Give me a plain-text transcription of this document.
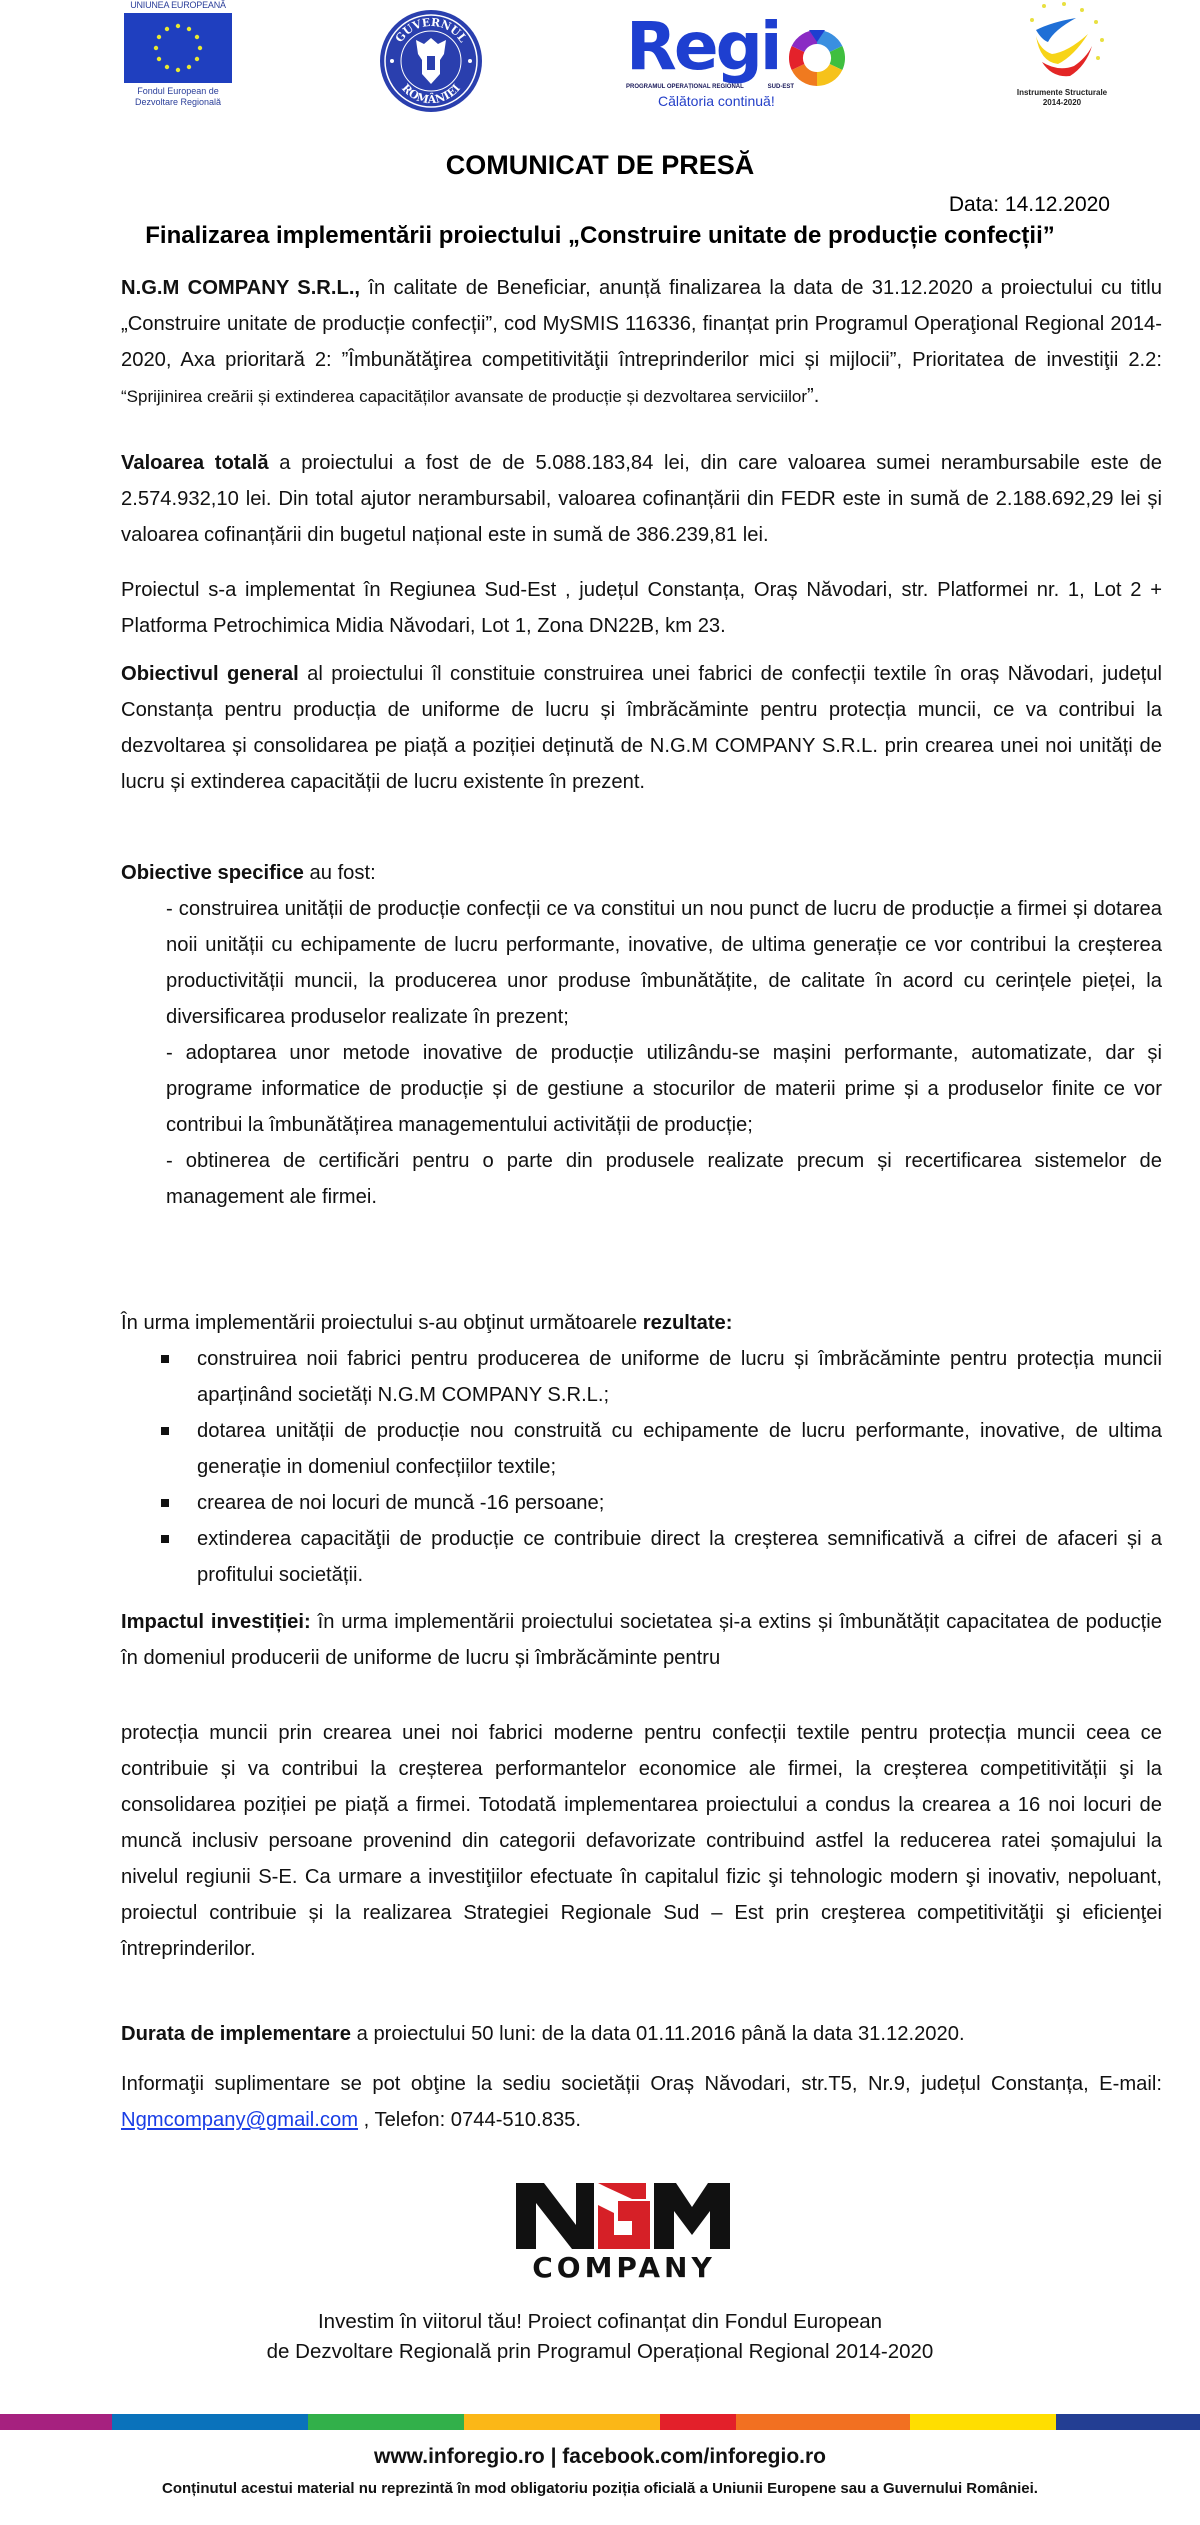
UNIUNEA EUROPEANĂ
Fondul European de
Dezvoltare Regională
GUVERNUL
ROMÂNIEI
Regi
PROGRAMUL OPERAȚIONAL REGIONAL	SUD-EST
Călătoria continuă!
Instrumente Structurale
2014-2020
COMUNICAT DE PRESĂ
Data: 14.12.2020
Finalizarea implementării proiectului „Construire unitate de producție confecții”

N.G.M COMPANY S.R.L., în calitate de Beneficiar, anunță finalizarea la data de 31.12.2020 a proiectului cu titlu „Construire unitate de producție confecții”, cod MySMIS 116336, finanțat prin Programul Operaţional Regional 2014-2020, Axa prioritară 2: ”Îmbunătăţirea competitivităţii întreprinderilor mici și mijlocii”, Prioritatea de investiţii 2.2: “Sprijinirea creării și extinderea capacităților avansate de producție și dezvoltarea serviciilor”.

Valoarea totală a proiectului a fost de de 5.088.183,84 lei, din care valoarea sumei nerambursabile este de 2.574.932,10 lei. Din total ajutor nerambursabil, valoarea cofinanțării din FEDR este in sumă de 2.188.692,29 lei și valoarea cofinanțării din bugetul național este in sumă de 386.239,81 lei.

Proiectul s-a implementat în Regiunea Sud-Est , județul Constanța, Oraș Năvodari, str. Platformei nr. 1, Lot 2 + Platforma Petrochimica Midia Năvodari, Lot 1, Zona DN22B, km 23.

Obiectivul general al proiectului îl constituie construirea unei fabrici de confecții textile în oraș Năvodari, județul Constanța pentru producția de uniforme de lucru și îmbrăcăminte pentru protecția muncii, ce va contribui la dezvoltarea și consolidarea pe piață a poziției deținută de N.G.M COMPANY S.R.L. prin crearea unei noi unități de lucru și extinderea capacității de lucru existente în prezent.

Obiective specifice au fost:

- construirea unității de producție confecții ce va constitui un nou punct de lucru de producție a firmei și dotarea noii unității cu echipamente de lucru performante, inovative, de ultima generație ce vor contribui la creșterea productivității muncii, la producerea unor produse îmbunătățite, de calitate în acord cu cerințele pieței, la diversificarea produselor realizate în prezent;

- adoptarea unor metode inovative de producție utilizându-se mașini performante, automatizate, dar și programe informatice de producție și de gestiune a stocurilor de materii prime și a produselor finite ce vor contribui la îmbunătățirea managementului activității de producție;

- obtinerea de certificări pentru o parte din produsele realizate precum și recertificarea sistemelor de management ale firmei.

În urma implementării proiectului s-au obţinut următoarele rezultate:

construirea noii fabrici pentru producerea de uniforme de lucru și îmbrăcăminte pentru protecția muncii aparținând societăți N.G.M COMPANY S.R.L.;

dotarea unității de producție nou construită cu echipamente de lucru performante, inovative, de ultima generație in domeniul confecțiilor textile;

crearea de noi locuri de muncă -16 persoane;

extinderea capacităţii de producție ce contribuie direct la creșterea semnificativă a cifrei de afaceri și a profitului societății.

Impactul investiției: în urma implementării proiectului societatea și-a extins și îmbunătățit capacitatea de poducție în domeniul producerii de uniforme de lucru și îmbrăcăminte pentru

protecția muncii prin crearea unei noi fabrici moderne pentru confecții textile pentru protecția muncii ceea ce contribuie și va contribui la creșterea performantelor economice ale firmei, la creșterea competitivității şi la consolidarea poziției pe piață a firmei. Totodată implementarea proiectului a condus la crearea a 16 noi locuri de muncă inclusiv persoane provenind din categorii defavorizate contribuind astfel la reducerea ratei șomajului la nivelul regiunii S-E. Ca urmare a investiţiilor efectuate în capitalul fizic şi tehnologic modern şi inovativ, nepoluant, proiectul contribuie și la realizarea Strategiei Regionale Sud – Est prin creşterea competitivităţii şi eficienţei întreprinderilor.

Durata de implementare a proiectului 50 luni: de la data 01.11.2016 până la data 31.12.2020.

Informaţii suplimentare se pot obţine la sediu societății Oraș Năvodari, str.T5, Nr.9, județul Constanța, E-mail: Ngmcompany@gmail.com , Telefon: 0744-510.835.

COMPANY
Investim în viitorul tău! Proiect cofinanțat din Fondul European
de Dezvoltare Regională prin Programul Operațional Regional 2014-2020
www.inforegio.ro | facebook.com/inforegio.ro
Conținutul acestui material nu reprezintă în mod obligatoriu poziția oficială a Uniunii Europene sau a Guvernului României.
